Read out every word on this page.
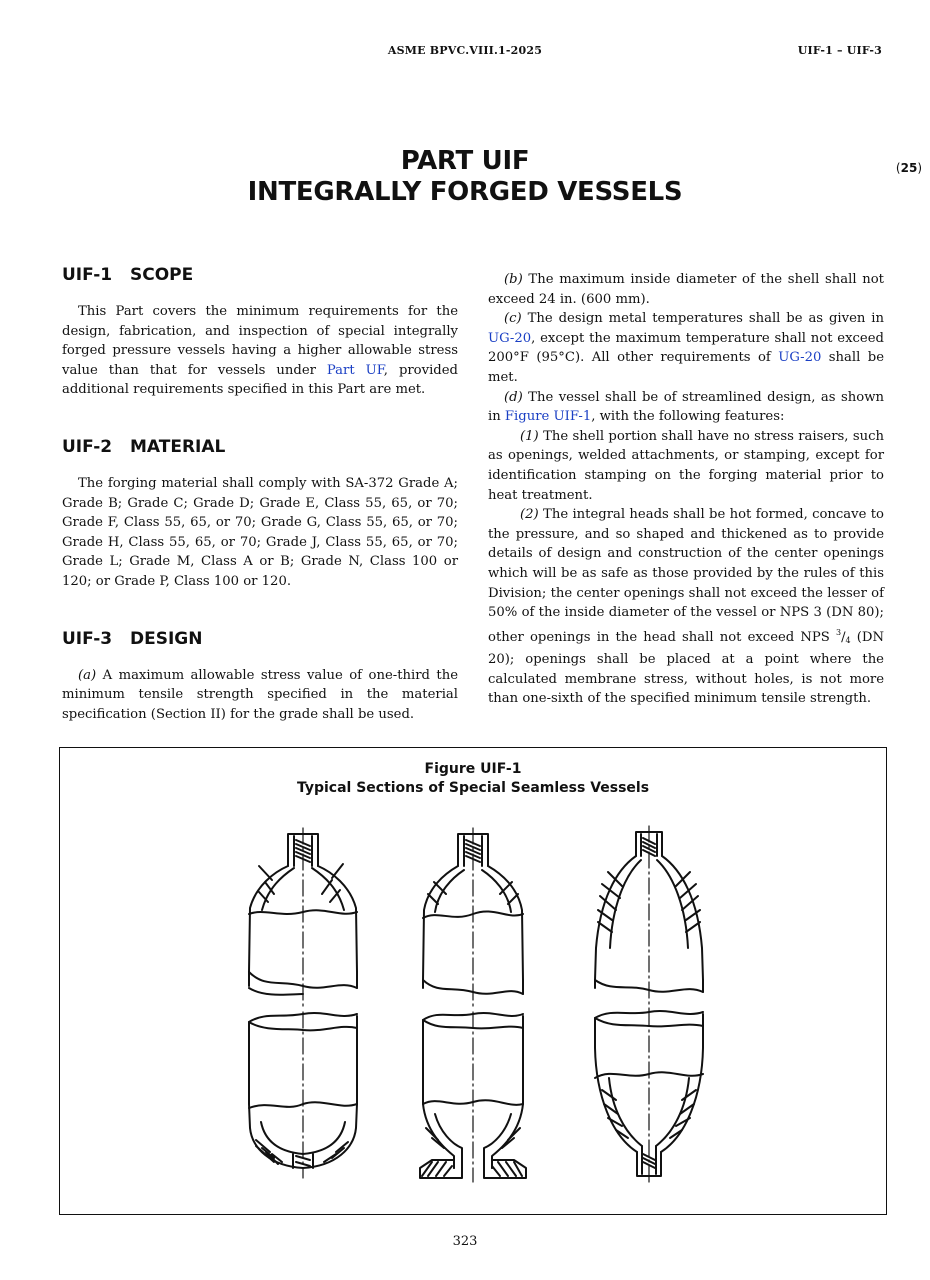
ASME BPVC.VIII.1-2025	UIF-1 – UIF-3
PART UIF
INTEGRALLY FORGED VESSELS
(25)
UIF-1 SCOPE

This Part covers the minimum requirements for the design, fabrication, and inspection of special integrally forged pressure vessels having a higher allowable stress value than that for vessels under Part UF, provided additional requirements specified in this Part are met.

UIF-2 MATERIAL

The forging material shall comply with SA-372 Grade A; Grade B; Grade C; Grade D; Grade E, Class 55, 65, or 70; Grade F, Class 55, 65, or 70; Grade G, Class 55, 65, or 70; Grade H, Class 55, 65, or 70; Grade J, Class 55, 65, or 70; Grade L; Grade M, Class A or B; Grade N, Class 100 or 120; or Grade P, Class 100 or 120.

UIF-3 DESIGN

(a) A maximum allowable stress value of one-third the minimum tensile strength specified in the material specification (Section II) for the grade shall be used.

(b) The maximum inside diameter of the shell shall not exceed 24 in. (600 mm).

(c) The design metal temperatures shall be as given in UG-20, except the maximum temperature shall not exceed 200°F (95°C). All other requirements of UG-20 shall be met.

(d) The vessel shall be of streamlined design, as shown in Figure UIF-1, with the following features:

(1) The shell portion shall have no stress raisers, such as openings, welded attachments, or stamping, except for identification stamping on the forging material prior to heat treatment.

(2) The integral heads shall be hot formed, concave to the pressure, and so shaped and thickened as to provide details of design and construction of the center openings which will be as safe as those provided by the rules of this Division; the center openings shall not exceed the lesser of 50% of the inside diameter of the vessel or NPS 3 (DN 80); other openings in the head shall not exceed NPS $^3/_4$ (DN 20); openings shall be placed at a point where the calculated membrane stress, without holes, is not more than one-sixth of the specified minimum tensile strength.

Figure UIF-1
Typical Sections of Special Seamless Vessels
323
